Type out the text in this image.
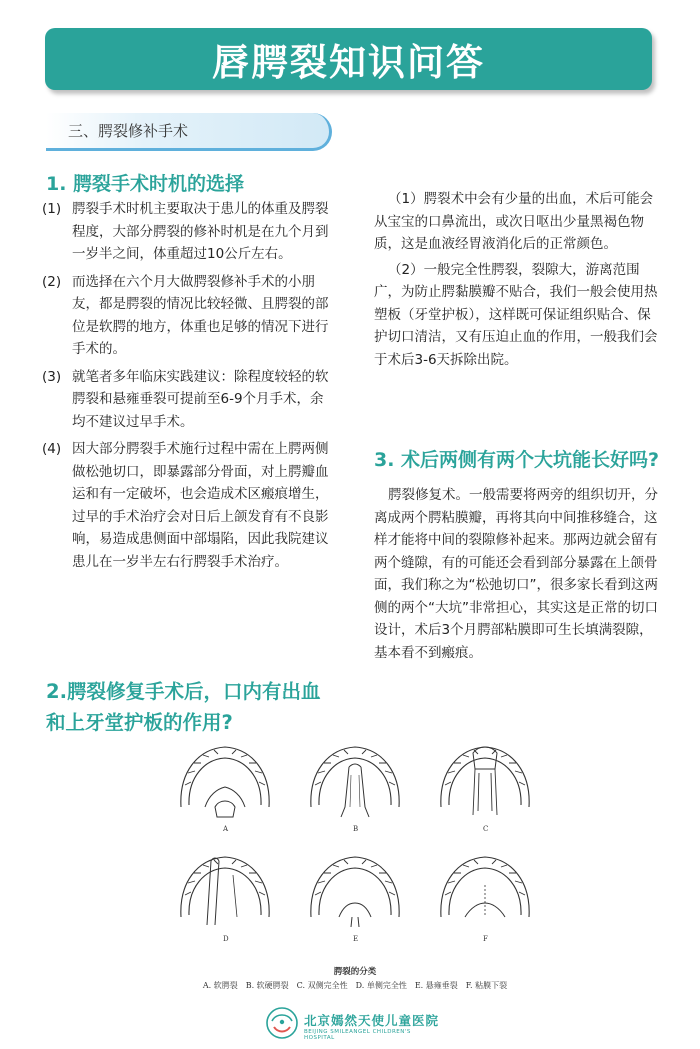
唇腭裂知识问答
三、腭裂修补手术
1. 腭裂手术时机的选择
(1) 腭裂手术时机主要取决于患儿的体重及腭裂程度，大部分腭裂的修补时机是在九个月到一岁半之间，体重超过10公斤左右。
(2) 而选择在六个月大做腭裂修补手术的小朋友，都是腭裂的情况比较轻微、且腭裂的部位是软腭的地方，体重也足够的情况下进行手术的。
(3) 就笔者多年临床实践建议：除程度较轻的软腭裂和悬雍垂裂可提前至6-9个月手术，余均不建议过早手术。
(4) 因大部分腭裂手术施行过程中需在上腭两侧做松弛切口，即暴露部分骨面，对上腭瓣血运和有一定破坏，也会造成术区瘢痕增生，过早的手术治疗会对日后上颌发育有不良影响，易造成患侧面中部塌陷，因此我院建议患儿在一岁半左右行腭裂手术治疗。
2.腭裂修复手术后，口内有出血
和上牙堂护板的作用?

（1）腭裂术中会有少量的出血，术后可能会从宝宝的口鼻流出，或次日呕出少量黑褐色物质，这是血液经胃液消化后的正常颜色。

（2）一般完全性腭裂，裂隙大，游离范围广，为防止腭黏膜瓣不贴合，我们一般会使用热塑板（牙堂护板），这样既可保证组织贴合、保护切口清洁，又有压迫止血的作用，一般我们会于术后3-6天拆除出院。

3. 术后两侧有两个大坑能长好吗?

腭裂修复术。一般需要将两旁的组织切开，分离成两个腭粘膜瓣，再将其向中间推移缝合，这样才能将中间的裂隙修补起来。那两边就会留有两个缝隙，有的可能还会看到部分暴露在上颌骨面，我们称之为“松弛切口”，很多家长看到这两侧的两个“大坑”非常担心，其实这是正常的切口设计，术后3个月腭部粘膜即可生长填满裂隙，基本看不到瘢痕。

A	B	C
D	E	F
腭裂的分类
A. 软腭裂　B. 软硬腭裂　C. 双侧完全性　D. 单侧完全性　E. 悬雍垂裂　F. 粘膜下裂
北京嫣然天使儿童医院
BEIJING SMILEANGEL CHILDREN'S HOSPITAL
